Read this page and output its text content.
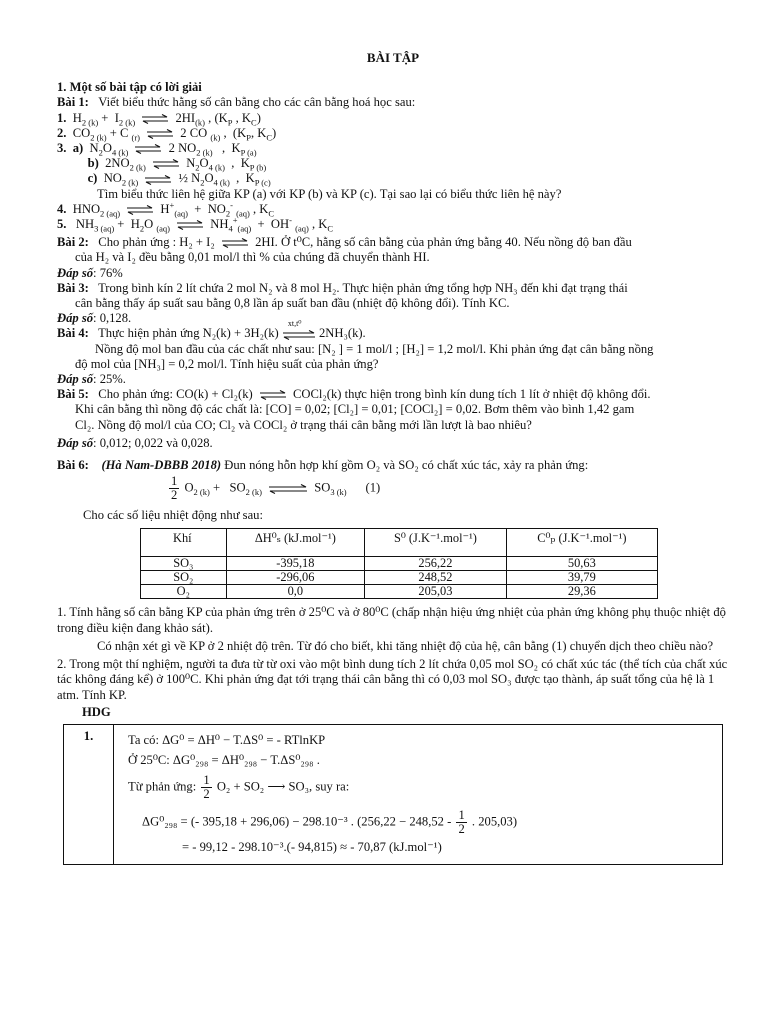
BÀI TẬP
1. Một số bài tập có lời giải
Bài 1: Viết biểu thức hằng số cân bằng cho các cân bằng hoá học sau:
1.  $H_{2 (k)} + I_{2 (k)}$ ⇌ $2HI_{(k)}$ , ($K_P$ , $K_C$)
2.  $CO_{2 (k)} + C$ $_{(r)}$ ⇌ 2 CO $_{(k)}$ ,  ($K_P$, $K_C$)
3. a)  $N_2O_{4 (k)}$ ⇌ 2 $NO_{2 (k)}$   ,  $K_{P (a)}$
b)  $2NO_{2 (k)}$ ⇌ $N_2O_{4 (k)}$  ,  $K_{P (b)}$
c)  $NO_{2 (k)}$ ⇌ ½ $N_2O_{4 (k)}$  ,  $K_{P (c)}$
Tìm biểu thức liên hệ giữa KP (a) với KP (b) và KP (c). Tại sao lại có biểu thức liên hệ này?
4.  $HNO_{2 (aq)}$ ⇌ $H^+_{(aq)} + NO_2^-$ $_{(aq)}$ , $K_C$
5.   $NH_{3 (aq)} + H_2O$ $_{(aq)}$ ⇌ $NH_4^+_{(aq)} + OH^-$ $_{(aq)}$ , $K_C$
Bài 2: Cho phản ứng : H₂ + I₂ ⇌ 2HI. Ở t⁰C, hằng số cân bằng của phản ứng bằng 40. Nếu nồng độ ban đầu
của H₂ và I₂ đều bằng 0,01 mol/l thì % của chúng đã chuyển thành HI.
Đáp số: 76%
Bài 3: Trong bình kín 2 lít chứa 2 mol N₂ và 8 mol H₂. Thực hiện phản ứng tổng hợp NH₃ đến khi đạt trạng thái
cân bằng thấy áp suất sau bằng 0,8 lần áp suất ban đầu (nhiệt độ không đổi). Tính KC.
Đáp số: 0,128.
Bài 4: Thực hiện phản ứng N₂(k) + 3H₂(k)
xt,t⁰
2NH₃(k).
Nồng độ mol ban đầu của các chất như sau: [N₂ ] = 1 mol/l ; [H₂] = 1,2 mol/l. Khi phản ứng đạt cân bằng nồng
độ mol của [NH₃] = 0,2 mol/l. Tính hiệu suất của phản ứng?
Đáp số: 25%.
Bài 5: Cho phản ứng: CO(k) + Cl₂(k) ⇌ COCl₂(k) thực hiện trong bình kín dung tích 1 lít ở nhiệt độ không đổi.
Khi cân bằng thì nồng độ các chất là: [CO] = 0,02; [Cl₂] = 0,01; [COCl₂] = 0,02. Bơm thêm vào bình 1,42 gam
Cl₂. Nồng độ mol/l của CO; Cl₂ và COCl₂ ở trạng thái cân bằng mới lần lượt là bao nhiêu?
Đáp số: 0,012; 0,022 và 0,028.
Bài 6: (Hà Nam-DBBB 2018) Đun nóng hỗn hợp khí gồm O₂ và SO₂ có chất xúc tác, xảy ra phản ứng:
$\frac{1}{2} O_{2 (k)} + SO_{2 (k)}$ ⇌ $SO_{3 (k)}$ (1)
Cho các số liệu nhiệt động như sau:
Khí	ΔH⁰ₛ (kJ.mol⁻¹)	S⁰ (J.K⁻¹.mol⁻¹)	C⁰ₚ (J.K⁻¹.mol⁻¹)
SO₃	-395,18	256,22	50,63
SO₂	-296,06	248,52	39,79
O₂	0,0	205,03	29,36
1. Tính hằng số cân bằng KP của phản ứng trên ở 25⁰C và ở 80⁰C (chấp nhận hiệu ứng nhiệt của phản ứng không phụ thuộc nhiệt độ trong điều kiện đang khảo sát).
Có nhận xét gì về KP ở 2 nhiệt độ trên. Từ đó cho biết, khi tăng nhiệt độ của hệ, cân bằng (1) chuyển dịch theo chiều nào?
2. Trong một thí nghiệm, người ta đưa từ từ oxi vào một bình dung tích 2 lít chứa 0,05 mol SO₂ có chất xúc tác (thể tích của chất xúc tác không đáng kể) ở 100⁰C. Khi phản ứng đạt tới trạng thái cân bằng thì có 0,03 mol SO₃ được tạo thành, áp suất tổng của hệ là 1 atm. Tính KP.
HDG
1.	Ta có: ΔG⁰ = ΔH⁰ − T.ΔS⁰ = - RTlnKP
Ở 25⁰C: ΔG⁰₂₉₈ = ΔH⁰₂₉₈ − T.ΔS⁰₂₉₈ .
Từ phản ứng: $\frac{1}{2} O_2 + SO_2$ ⟶ SO₃, suy ra:
ΔG⁰₂₉₈ = (- 395,18 + 296,06) − 298.10⁻³ . ($256,22 - 248,52 - \frac{1}{2}$ . 205,03)
= - 99,12 - 298.10⁻³.(- 94,815) ≈ - 70,87 (kJ.mol⁻¹)
